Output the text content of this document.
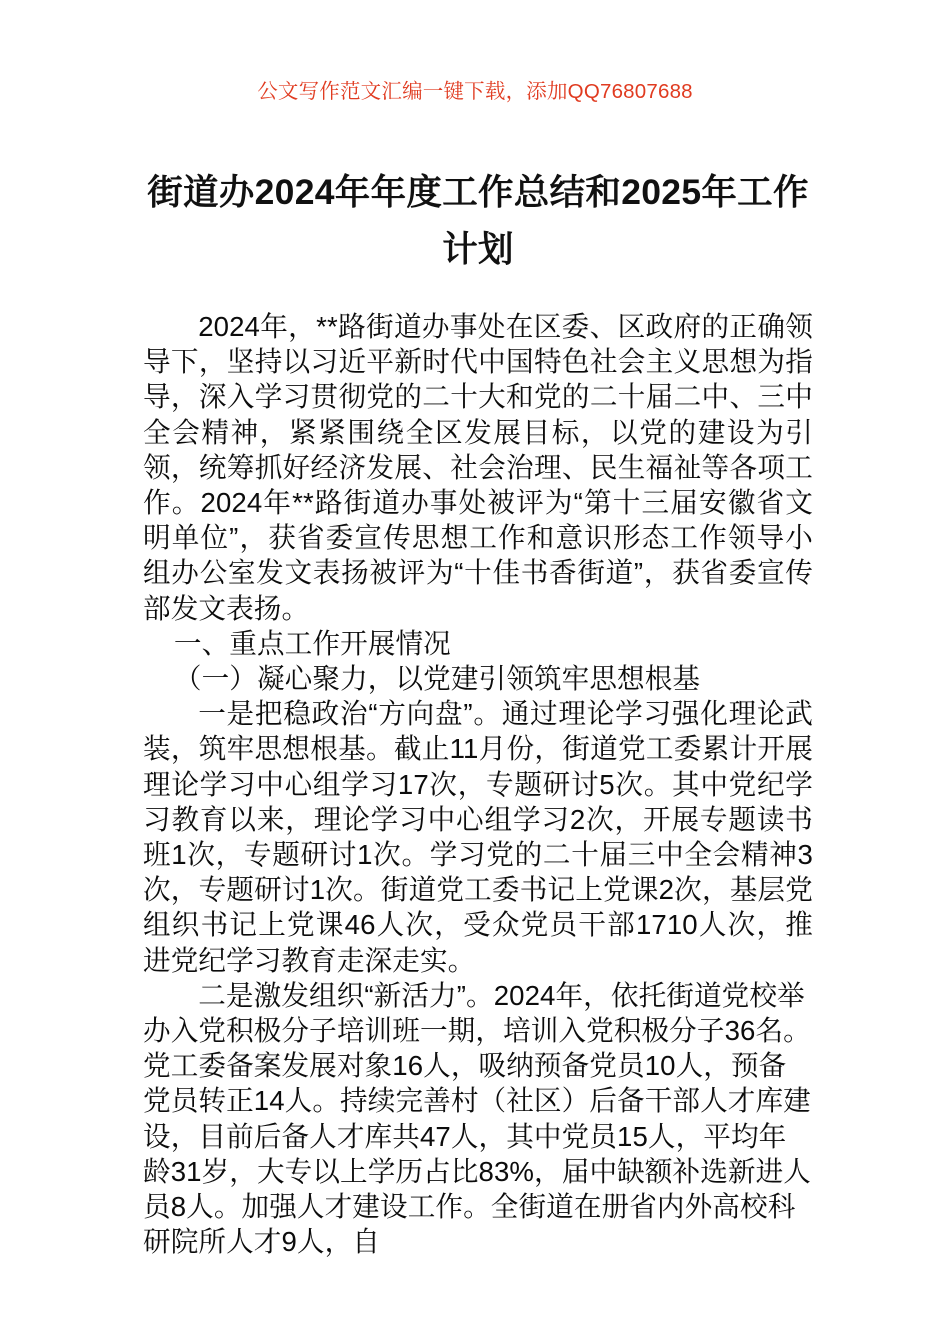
公文写作范文汇编一键下载，添加QQ76807688
街道办2024年年度工作总结和2025年工作计划

2024年，**路街道办事处在区委、区政府的正确领导下，坚持以习近平新时代中国特色社会主义思想为指导，深入学习贯彻党的二十大和党的二十届二中、三中全会精神，紧紧围绕全区发展目标，以党的建设为引领，统筹抓好经济发展、社会治理、民生福祉等各项工作。2024年**路街道办事处被评为“第十三届安徽省文明单位”，获省委宣传思想工作和意识形态工作领导小组办公室发文表扬被评为“十佳书香街道”，获省委宣传部发文表扬。

一、重点工作开展情况

（一）凝心聚力，以党建引领筑牢思想根基

一是把稳政治“方向盘”。通过理论学习强化理论武装，筑牢思想根基。截止11月份，街道党工委累计开展理论学习中心组学习17次，专题研讨5次。其中党纪学习教育以来，理论学习中心组学习2次，开展专题读书班1次，专题研讨1次。学习党的二十届三中全会精神3次，专题研讨1次。街道党工委书记上党课2次，基层党组织书记上党课46人次，受众党员干部1710人次，推进党纪学习教育走深走实。

二是激发组织“新活力”。2024年，依托街道党校举办入党积极分子培训班一期，培训入党积极分子36名。党工委备案发展对象16人，吸纳预备党员10人，预备党员转正14人。持续完善村（社区）后备干部人才库建设，目前后备人才库共47人，其中党员15人，平均年龄31岁，大专以上学历占比83%，届中缺额补选新进人员8人。加强人才建设工作。全街道在册省内外高校科研院所人才9人，自
